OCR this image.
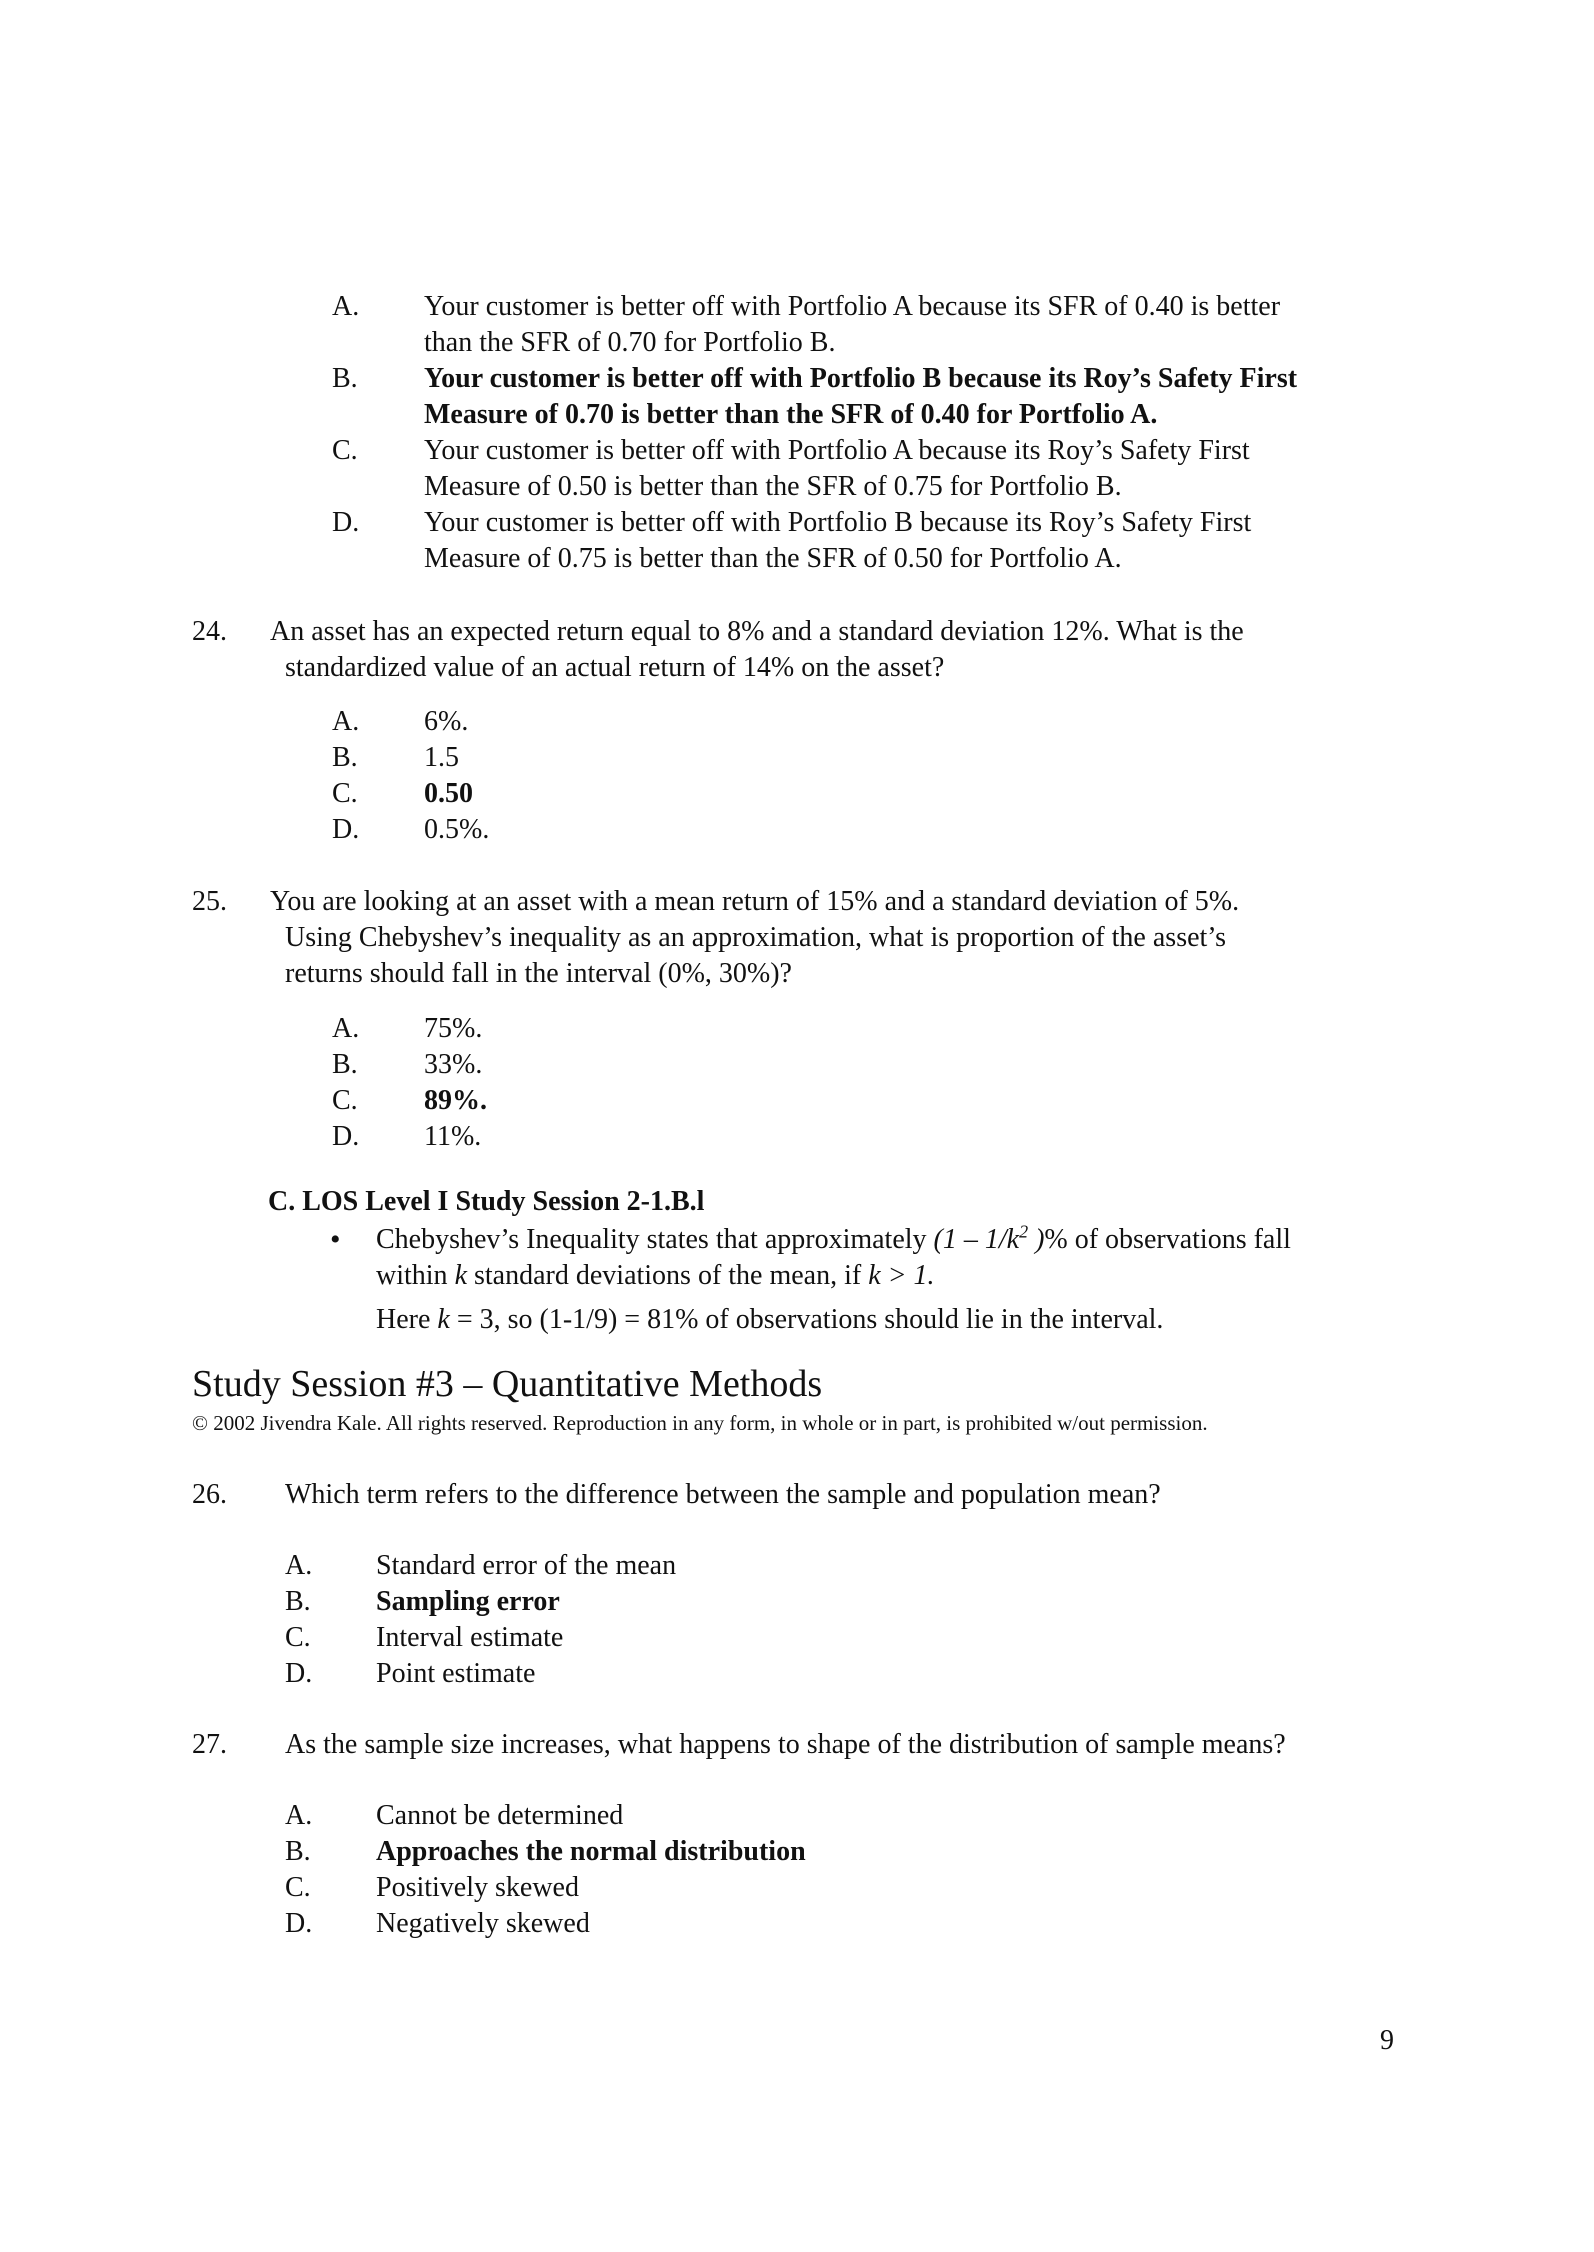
A. Your customer is better off with Portfolio A because its SFR of 0.40 is better
than the SFR of 0.70 for Portfolio B.
B. Your customer is better off with Portfolio B because its Roy’s Safety First
Measure of 0.70 is better than the SFR of 0.40 for Portfolio A.
C. Your customer is better off with Portfolio A because its Roy’s Safety First
Measure of 0.50 is better than the SFR of 0.75 for Portfolio B.
D. Your customer is better off with Portfolio B because its Roy’s Safety First
Measure of 0.75 is better than the SFR of 0.50 for Portfolio A.
24. An asset has an expected return equal to 8% and a standard deviation 12%. What is the
standardized value of an actual return of 14% on the asset?
A. 6%.
B. 1.5
C. 0.50
D. 0.5%.
25. You are looking at an asset with a mean return of 15% and a standard deviation of 5%.
Using Chebyshev’s inequality as an approximation, what is proportion of the asset’s
returns should fall in the interval (0%, 30%)?
A. 75%.
B. 33%.
C. 89%.
D. 11%.
C. LOS Level I Study Session 2-1.B.l
• Chebyshev’s Inequality states that approximately ($1 - 1/k^2$ )% of observations fall
within k standard deviations of the mean, if k > 1.
Here k = 3, so (1-1/9) = 81% of observations should lie in the interval.
Study Session #3 – Quantitative Methods
© 2002 Jivendra Kale. All rights reserved. Reproduction in any form, in whole or in part, is prohibited w/out permission.
26. Which term refers to the difference between the sample and population mean?
A. Standard error of the mean
B. Sampling error
C. Interval estimate
D. Point estimate
27. As the sample size increases, what happens to shape of the distribution of sample means?
A. Cannot be determined
B. Approaches the normal distribution
C. Positively skewed
D. Negatively skewed
9
